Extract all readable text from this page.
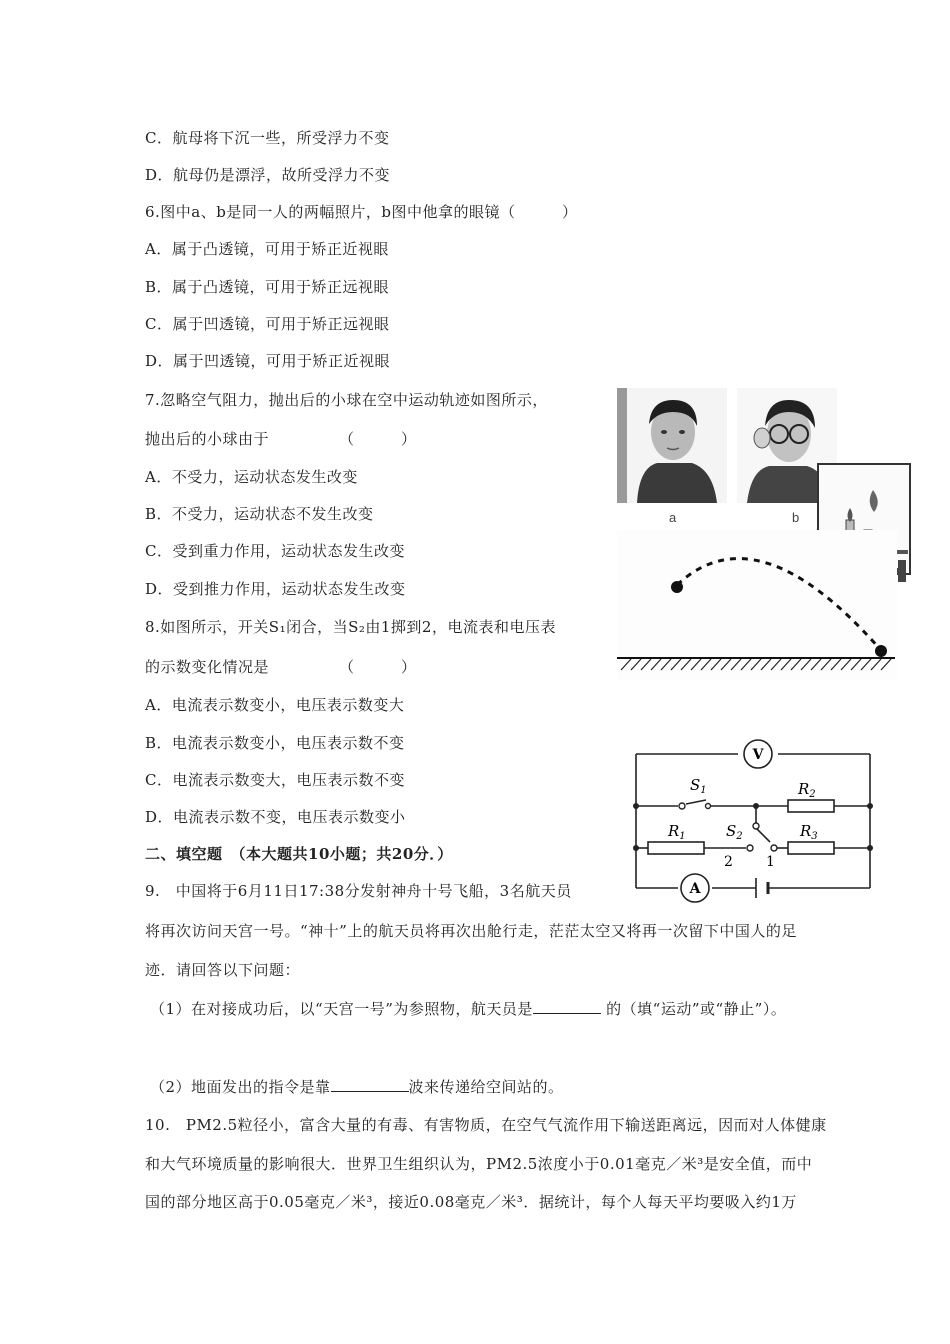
C．航母将下沉一些，所受浮力不变
D．航母仍是漂浮，故所受浮力不变
6.图中a、b是同一人的两幅照片，b图中他拿的眼镜（　　　）
A．属于凸透镜，可用于矫正近视眼
B．属于凸透镜，可用于矫正远视眼
C．属于凹透镜，可用于矫正远视眼
D．属于凹透镜，可用于矫正近视眼
7.忽略空气阻力，抛出后的小球在空中运动轨迹如图所示，
抛出后的小球由于　　　　　（　　　）
A．不受力，运动状态发生改变
B．不受力，运动状态不发生改变
C．受到重力作用，运动状态发生改变
D．受到推力作用，运动状态发生改变
8.如图所示，开关S₁闭合，当S₂由1掷到2，电流表和电压表
的示数变化情况是　　　　　（　　　）
A．电流表示数变小，电压表示数变大
B．电流表示数变小，电压表示数不变
C．电流表示数变大，电压表示数不变
D．电流表示数不变，电压表示数变小
二、填空题　（本大题共10小题；共20分．）
9.　中国将于6月11日17:38分发射神舟十号飞船，3名航天员
将再次访问天宫一号。“神十”上的航天员将再次出舱行走，茫茫太空又将再一次留下中国人的足
迹．请回答以下问题：
（1）在对接成功后，以“天宫一号”为参照物，航天员是	的（填“运动”或“静止”）。
（2）地面发出的指令是靠	波来传递给空间站的。
10.　PM2.5粒径小，富含大量的有毒、有害物质，在空气气流作用下输送距离远，因而对人体健康
和大气环境质量的影响很大．世界卫生组织认为，PM2.5浓度小于0.01毫克／米³是安全值，而中
国的部分地区高于0.05毫克／米³，接近0.08毫克／米³．据统计，每个人每天平均要吸入约1万
a	b
V
A
$S_1$	$R_2$
$R_1$	$S_2$	$R_3$
2 1
